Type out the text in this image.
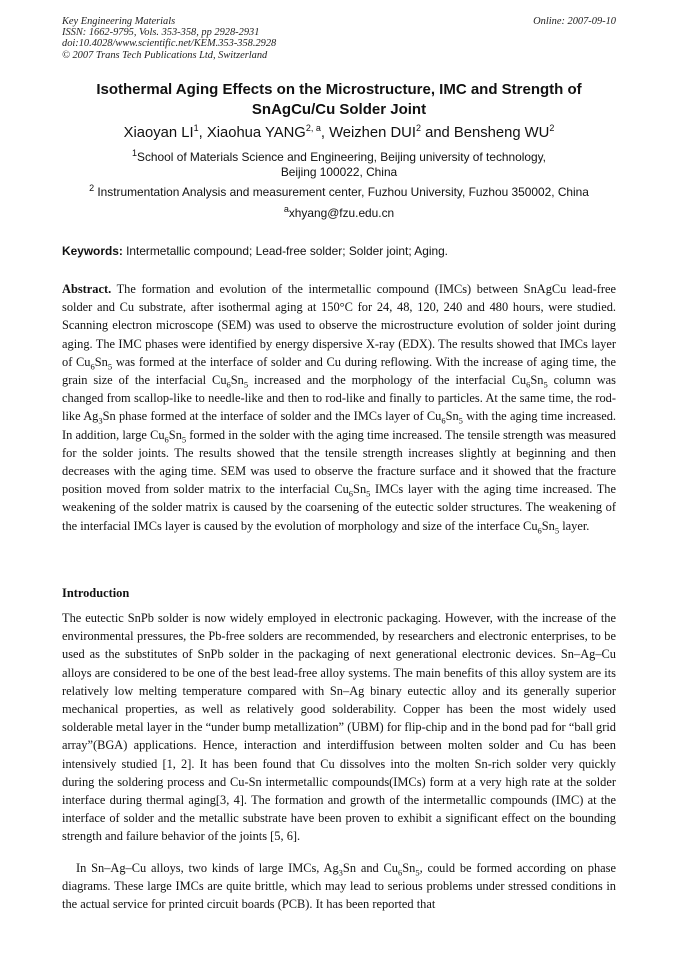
Key Engineering Materials
ISSN: 1662-9795, Vols. 353-358, pp 2928-2931
doi:10.4028/www.scientific.net/KEM.353-358.2928
© 2007 Trans Tech Publications Ltd, Switzerland
Online: 2007-09-10
Isothermal Aging Effects on the Microstructure, IMC and Strength of
SnAgCu/Cu Solder Joint
Xiaoyan $LI^1$, Xiaohua YANG$^{2, a}$, Weizhen DUI$^2$ and Bensheng $WU^2$
$^1$School of Materials Science and Engineering, Beijing university of technology,
Beijing 100022, China
$^2$ Instrumentation Analysis and measurement center, Fuzhou University, Fuzhou 350002, China
$^a$xhyang@fzu.edu.cn
Keywords: Intermetallic compound; Lead-free solder; Solder joint; Aging.
Abstract. The formation and evolution of the intermetallic compound (IMCs) between SnAgCu lead-free solder and Cu substrate, after isothermal aging at 150°C for 24, 48, 120, 240 and 480 hours, were studied. Scanning electron microscope (SEM) was used to observe the microstructure evolution of solder joint during aging. The IMC phases were identified by energy dispersive X-ray (EDX). The results showed that IMCs layer of $Cu_6Sn_5$ was formed at the interface of solder and Cu during reflowing. With the increase of aging time, the grain size of the interfacial $Cu_6Sn_5$ increased and the morphology of the interfacial $Cu_6Sn_5$ column was changed from scallop-like to needle-like and then to rod-like and finally to particles. At the same time, the rod-like $Ag_3Sn$ phase formed at the interface of solder and the IMCs layer of $Cu_6Sn_5$ with the aging time increased. In addition, large $Cu_6Sn_5$ formed in the solder with the aging time increased. The tensile strength was measured for the solder joints. The results showed that the tensile strength increases slightly at beginning and then decreases with the aging time. SEM was used to observe the fracture surface and it showed that the fracture position moved from solder matrix to the interfacial $Cu_6Sn_5$ IMCs layer with the aging time increased. The weakening of the solder matrix is caused by the coarsening of the eutectic solder structures. The weakening of the interfacial IMCs layer is caused by the evolution of morphology and size of the interface $Cu_6Sn_5$ layer.
Introduction
The eutectic SnPb solder is now widely employed in electronic packaging. However, with the increase of the environmental pressures, the Pb-free solders are recommended, by researchers and electronic enterprises, to be used as the substitutes of SnPb solder in the packaging of next generational electronic devices. Sn–Ag–Cu alloys are considered to be one of the best lead-free alloy systems. The main benefits of this alloy system are its relatively low melting temperature compared with Sn–Ag binary eutectic alloy and its generally superior mechanical properties, as well as relatively good solderability. Copper has been the most widely used solderable metal layer in the “under bump metallization” (UBM) for flip-chip and in the bond pad for “ball grid array”(BGA) applications. Hence, interaction and interdiffusion between molten solder and Cu has been intensively studied [1, 2]. It has been found that Cu dissolves into the molten Sn-rich solder very quickly during the soldering process and Cu-Sn intermetallic compounds(IMCs) form at a very high rate at the solder interface during thermal aging[3, 4]. The formation and growth of the intermetallic compounds (IMC) at the interface of solder and the metallic substrate have been proven to exhibit a significant effect on the bounding strength and failure behavior of the joints [5, 6].
In Sn–Ag–Cu alloys, two kinds of large IMCs, $Ag_3Sn$ and $Cu_6Sn_5$, could be formed according on phase diagrams. These large IMCs are quite brittle, which may lead to serious problems under stressed conditions in the actual service for printed circuit boards (PCB). It has been reported that
